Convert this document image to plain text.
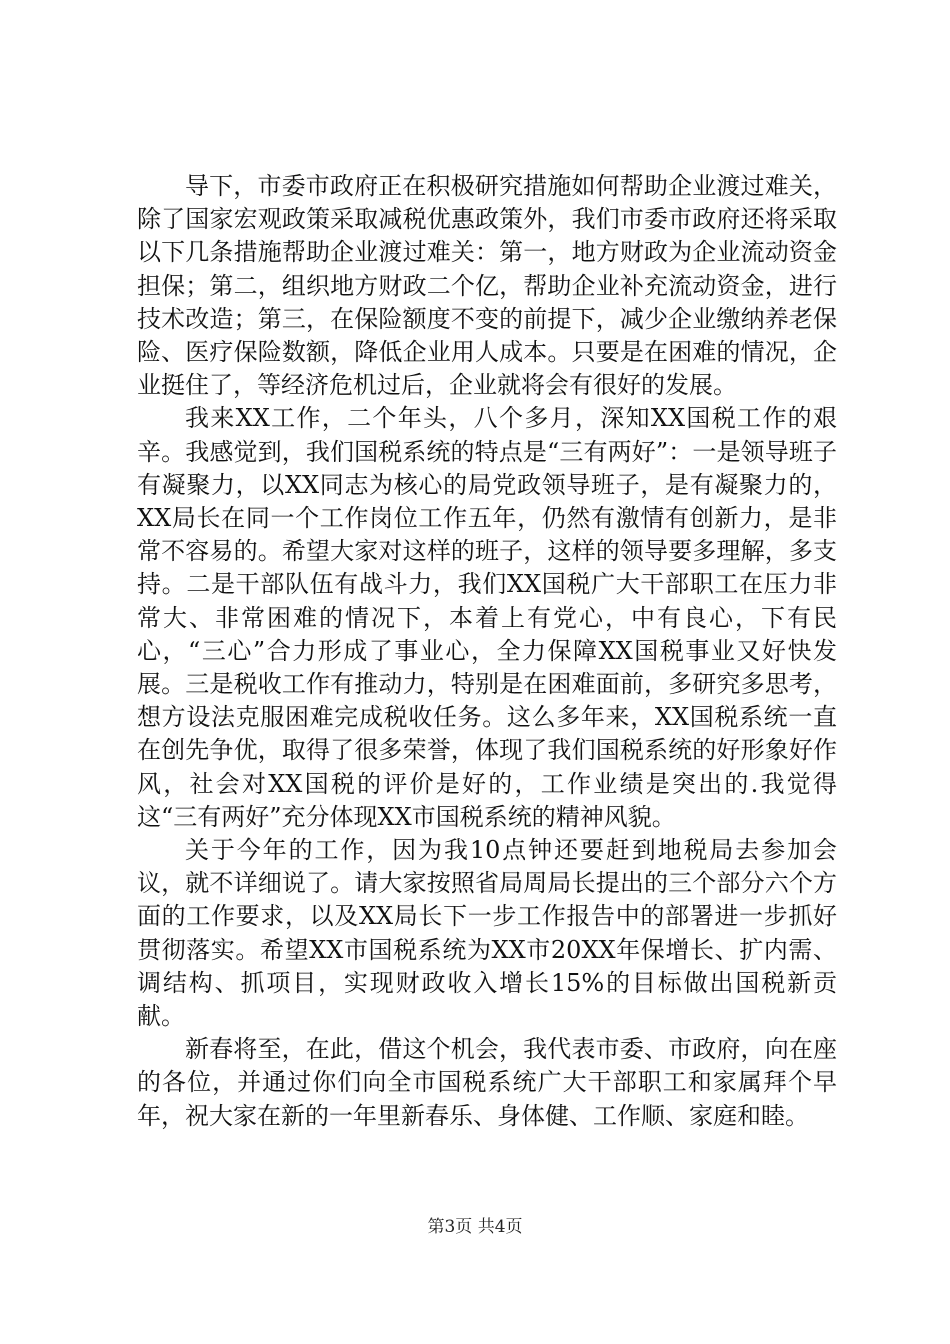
导下，市委市政府正在积极研究措施如何帮助企业渡过难关，除了国家宏观政策采取减税优惠政策外，我们市委市政府还将采取以下几条措施帮助企业渡过难关：第一，地方财政为企业流动资金担保；第二，组织地方财政二个亿，帮助企业补充流动资金，进行技术改造；第三，在保险额度不变的前提下，减少企业缴纳养老保险、医疗保险数额，降低企业用人成本。只要是在困难的情况，企业挺住了，等经济危机过后，企业就将会有很好的发展。

我来XX工作，二个年头，八个多月，深知XX国税工作的艰辛。我感觉到，我们国税系统的特点是“三有两好”：一是领导班子有凝聚力，以XX同志为核心的局党政领导班子，是有凝聚力的，XX局长在同一个工作岗位工作五年，仍然有激情有创新力，是非常不容易的。希望大家对这样的班子，这样的领导要多理解，多支持。二是干部队伍有战斗力，我们XX国税广大干部职工在压力非常大、非常困难的情况下，本着上有党心，中有良心，下有民心，“三心”合力形成了事业心，全力保障XX国税事业又好快发展。三是税收工作有推动力，特别是在困难面前，多研究多思考，想方设法克服困难完成税收任务。这么多年来，XX国税系统一直在创先争优，取得了很多荣誉，体现了我们国税系统的好形象好作风，社会对XX国税的评价是好的，工作业绩是突出的.我觉得这“三有两好”充分体现XX市国税系统的精神风貌。

关于今年的工作，因为我10点钟还要赶到地税局去参加会议，就不详细说了。请大家按照省局周局长提出的三个部分六个方面的工作要求，以及XX局长下一步工作报告中的部署进一步抓好贯彻落实。希望XX市国税系统为XX市20XX年保增长、扩内需、调结构、抓项目，实现财政收入增长15%的目标做出国税新贡献。

新春将至，在此，借这个机会，我代表市委、市政府，向在座的各位，并通过你们向全市国税系统广大干部职工和家属拜个早年，祝大家在新的一年里新春乐、身体健、工作顺、家庭和睦。

第3页 共4页
